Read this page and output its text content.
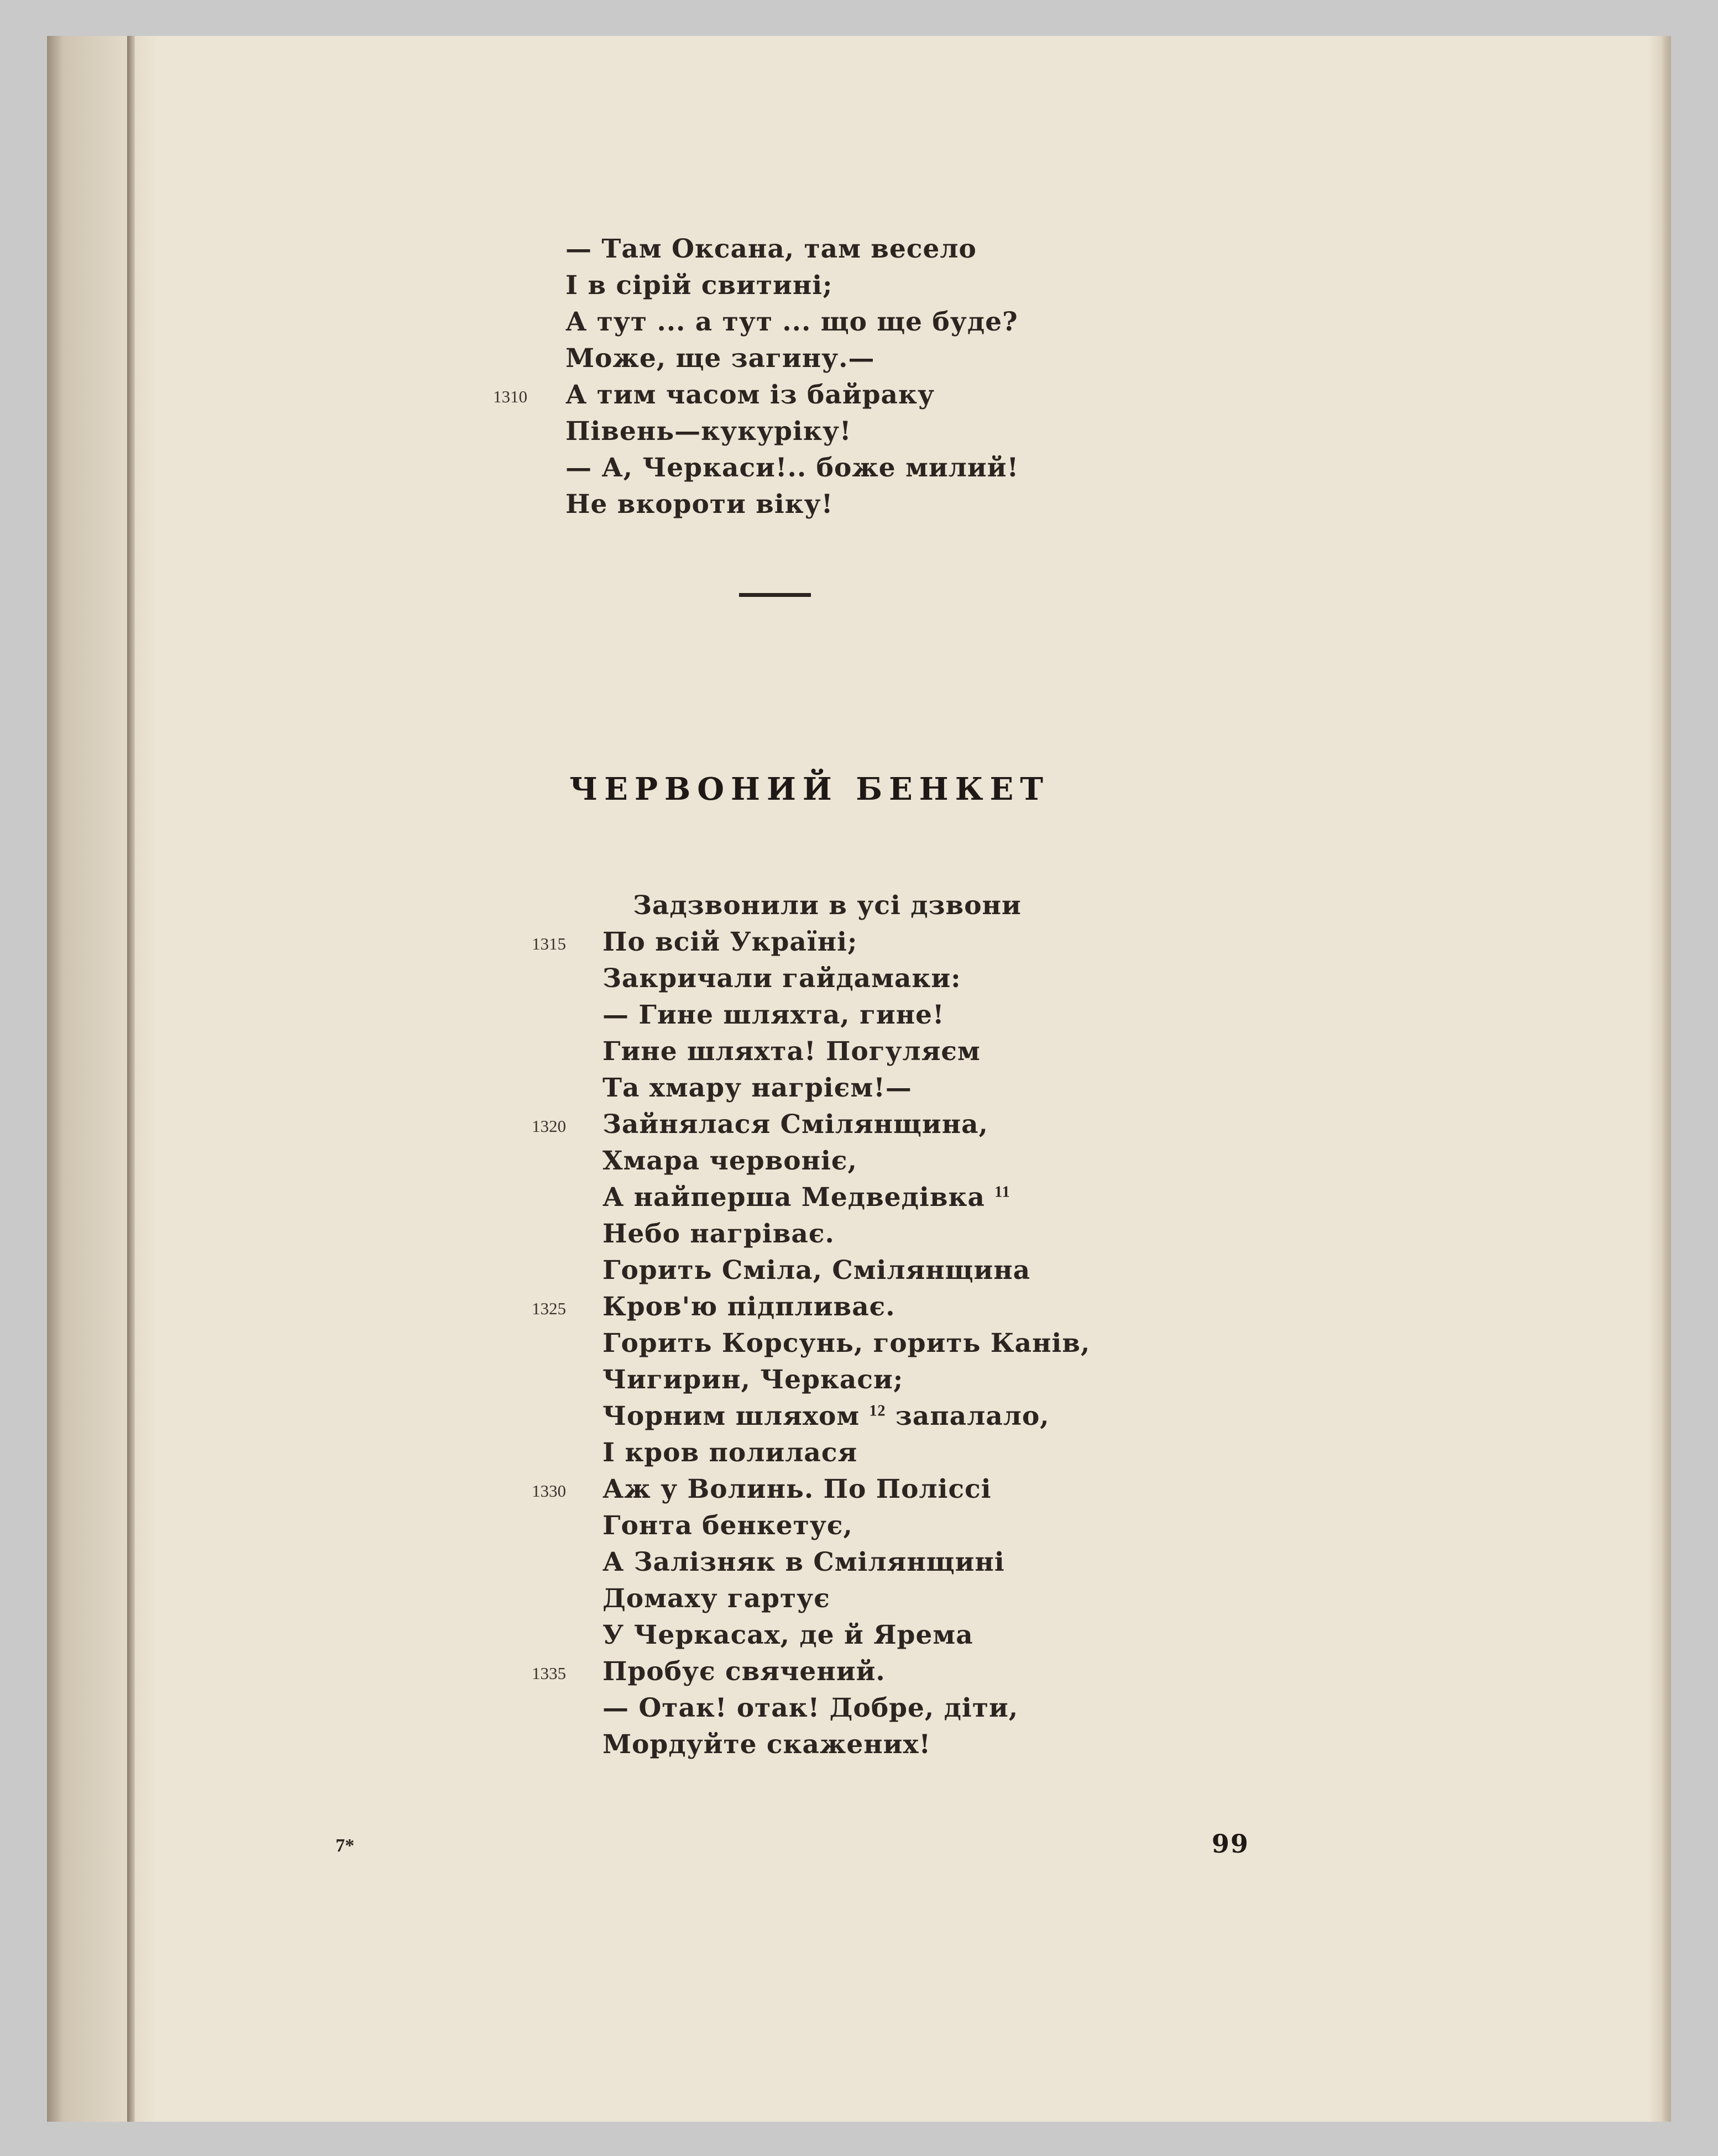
— Там Оксана, там весело
І в сірій свитині;
А тут ... а тут ... що ще буде?
Може, ще загину.—
1310 А тим часом із байраку
Півень—кукуріку!
— А, Черкаси!.. боже милий!
Не вкороти віку!
ЧЕРВОНИЙ БЕНКЕТ
Задзвонили в усі дзвони
1315 По всій Україні;
Закричали гайдамаки:
— Гине шляхта, гине!
Гине шляхта! Погуляєм
Та хмару нагрієм!—
1320 Зайнялася Смілянщина,
Хмара червоніє,
А найперша Медведівка $^{11}$
Небо нагріває.
Горить Сміла, Смілянщина
1325 Кров'ю підпливає.
Горить Корсунь, горить Канів,
Чигирин, Черкаси;
Чорним шляхом $^{12}$ запалало,
І кров полилася
1330 Аж у Волинь. По Поліссі
Гонта бенкетує,
А Залізняк в Смілянщині
Домаху гартує
У Черкасах, де й Ярема
1335 Пробує свячений.
— Отак! отак! Добре, діти,
Мордуйте скажених!
7*	99
